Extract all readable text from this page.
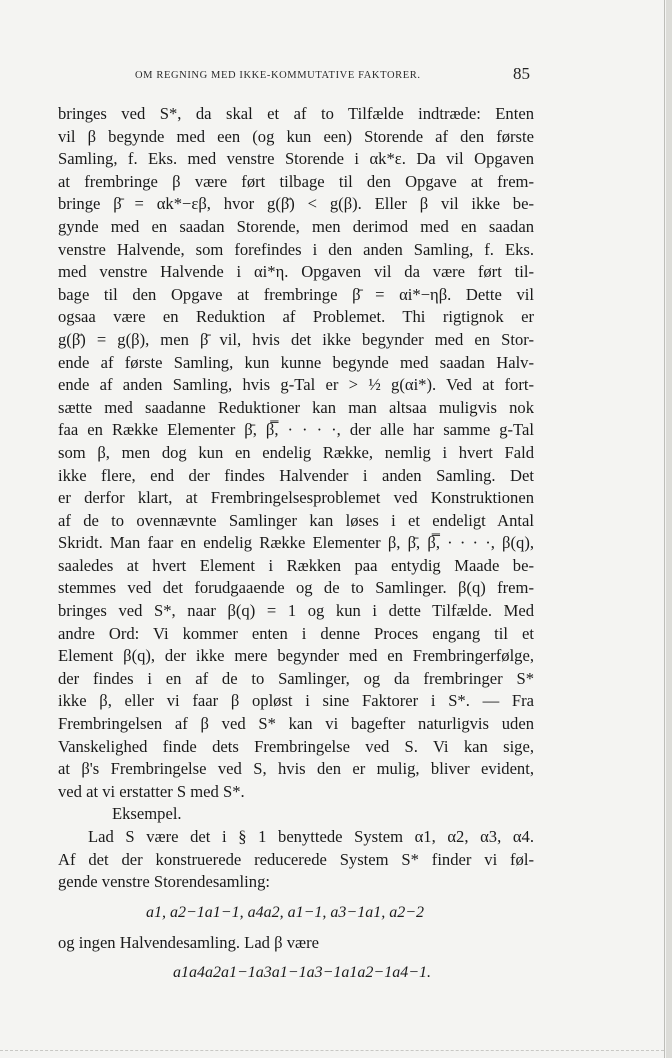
OM REGNING MED IKKE-KOMMUTATIVE FAKTORER.	85
bringes ved S*, da skal et af to Tilfælde indtræde: Enten
vil β begynde med een (og kun een) Storende af den første
Samling, f. Eks. med venstre Storende i αk*ε. Da vil Opgaven
at frembringe β være ført tilbage til den Opgave at frem-
bringe β̄ = αk*−εβ, hvor g(β̄) < g(β). Eller β vil ikke be-
gynde med en saadan Storende, men derimod med en saadan
venstre Halvende, som forefindes i den anden Samling, f. Eks.
med venstre Halvende i αi*η. Opgaven vil da være ført til-
bage til den Opgave at frembringe β̄ = αi*−ηβ. Dette vil
ogsaa være en Reduktion af Problemet. Thi rigtignok er
g(β̄) = g(β), men β̄ vil, hvis det ikke begynder med en Stor-
ende af første Samling, kun kunne begynde med saadan Halv-
ende af anden Samling, hvis g-Tal er > ½ g(αi*). Ved at fort-
sætte med saadanne Reduktioner kan man altsaa muligvis nok
faa en Række Elementer β̄, β̿, · · · ·, der alle har samme g-Tal
som β, men dog kun en endelig Række, nemlig i hvert Fald
ikke flere, end der findes Halvender i anden Samling. Det
er derfor klart, at Frembringelsesproblemet ved Konstruktionen
af de to ovennævnte Samlinger kan løses i et endeligt Antal
Skridt. Man faar en endelig Række Elementer β, β̄, β̿, · · · ·, β(q),
saaledes at hvert Element i Rækken paa entydig Maade be-
stemmes ved det forudgaaende og de to Samlinger. β(q) frem-
bringes ved S*, naar β(q) = 1 og kun i dette Tilfælde. Med
andre Ord: Vi kommer enten i denne Proces engang til et
Element β(q), der ikke mere begynder med en Frembringerfølge,
der findes i en af de to Samlinger, og da frembringer S*
ikke β, eller vi faar β opløst i sine Faktorer i S*. — Fra
Frembringelsen af β ved S* kan vi bagefter naturligvis uden
Vanskelighed finde dets Frembringelse ved S. Vi kan sige,
at β's Frembringelse ved S, hvis den er mulig, bliver evident,
ved at vi erstatter S med S*.
Eksempel.
Lad S være det i § 1 benyttede System α1, α2, α3, α4.
Af det der konstruerede reducerede System S* finder vi føl-
gende venstre Storendesamling:
a1, a2−1a1−1, a4a2, a1−1, a3−1a1, a2−2
og ingen Halvendesamling. Lad β være
a1a4a2a1−1a3a1−1a3−1a1a2−1a4−1.
